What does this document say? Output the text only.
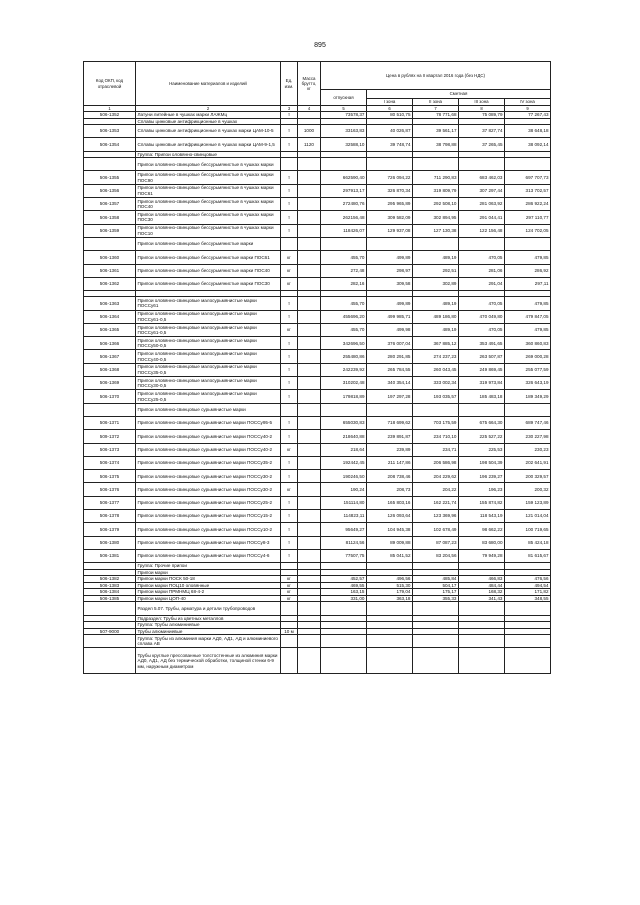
895
Код ОКП, код отраслевой	Наименование материалов и изделий	Ед. изм.	Масса брутто, кг	Цена в рублях на II квартал 2016 года (без НДС)				
				отпускная	Сметная			
					I зона	II зона	III зона	IV зона
1	2	3	4	5	6	7	8	9
506-1352	Латуни литейные в чушках марки ЛАЖМц	т		73578,37	80 510,75	78 771,68	75 089,79	77 267,43
	Сплавы цинковые антифрикционные в чушках							
506-1353	Сплавы цинковые антифрикционные в чушках марки ЦАМ-10-5	т	1000	33163,83	40 026,87	39 561,17	37 827,74	38 648,18
506-1354	Сплавы цинковые антифрикционные в чушках марки ЦАМ-9-1,5	т	1120	32588,10	39 748,74	38 798,88	37 265,45	38 092,14
	Группа: Припои оловянно-свинцовые							
	Припои оловянно-свинцовые бессурьмянистые в чушках марки							
506-1355	Припои оловянно-свинцовые бессурьмянистые в чушках марки ПОС90	т		662590,40	726 094,22	711 290,83	683 462,03	697 707,73
506-1356	Припои оловянно-свинцовые бессурьмянистые в чушках марки ПОС61	т		297913,17	326 870,34	319 809,79	307 297,44	313 702,57
506-1357	Припои оловянно-свинцовые бессурьмянистые в чушках марки ПОС40	т		272480,76	295 965,89	292 508,10	281 063,92	286 922,24
506-1358	Припои оловянно-свинцовые бессурьмянистые в чушках марки ПОС30	т		262156,48	309 582,09	302 894,95	291 044,41	297 110,77
506-1359	Припои оловянно-свинцовые бессурьмянистые в чушках марки ПОС10	т		118426,07	129 937,08	127 130,38	122 156,48	124 702,05
	Припои оловянно-свинцовые бессурьмянистые марки							
506-1360	Припои оловянно-свинцовые бессурьмянистые марки ПОС61	кг		455,70	499,89	489,19	470,05	479,85
506-1361	Припои оловянно-свинцовые бессурьмянистые марки ПОС40	кг		272,48	298,97	292,51	281,06	286,92
506-1362	Припои оловянно-свинцовые бессурьмянистые марки ПОС30	кг		282,16	309,58	302,89	291,04	297,11

506-1363	Припои оловянно-свинцовые малосурьмянистые марки ПОССу61	т		455,70	499,89	489,19	470,05	479,85
506-1364	Припои оловянно-свинцовые малосурьмянистые марки ПОССу61-0,5	т		455696,20	499 985,71	489 186,80	470 049,80	479 847,05
506-1365	Припои оловянно-свинцовые малосурьмянистые марки ПОССу61-0,5	кг		455,70	499,98	489,19	470,05	479,85
506-1366	Припои оловянно-свинцовые малосурьмянистые марки ПОССу50-0,5	т		342696,50	376 007,04	367 885,12	353 491,65	360 860,83
506-1367	Припои оловянно-свинцовые малосурьмянистые марки ПОССу40-0,5	т		255480,86	280 291,85	274 237,23	263 507,87	269 000,28
506-1368	Припои оловянно-свинцовые малосурьмянистые марки ПОССу35-0,5	т		242239,92	265 784,55	260 043,45	249 869,45	255 077,59
506-1369	Припои оловянно-свинцовые малосурьмянистые марки ПОССу30-0,5	т		310202,48	340 354,14	333 002,34	319 973,84	326 643,19
506-1370	Припои оловянно-свинцовые малосурьмянистые марки ПОССу25-0,5	т		179818,89	197 297,28	193 035,57	185 483,18	189 349,29
	Припои оловянно-свинцовые сурьмянистые марки							
506-1371	Припои оловянно-свинцовые сурьмянистые марки ПОССу95-5	т		655030,83	718 699,62	703 175,59	675 664,30	689 747,46
509-1372	Припои оловянно-свинцовые сурьмянистые марки ПОССу40-2	т		218640,88	239 891,87	234 710,10	225 527,22	230 227,98
506-1373	Припои оловянно-свинцовые сурьмянистые марки ПОССу40-2	кг		218,64	239,89	234,71	225,53	230,23
506-1374	Припои оловянно-свинцовые сурьмянистые марки ПОССу35-2	т		192442,45	211 147,86	206 586,98	198 504,39	202 641,91
506-1375	Припои оловянно-свинцовые сурьмянистые марки ПОССу30-2	т		190246,50	208 738,46	204 229,62	196 239,27	200 329,57
506-1376	Припои оловянно-свинцовые сурьмянистые марки ПОССу30-2	кг		190,24	208,73	204,22	196,23	200,32
506-1377	Припои оловянно-свинцовые сурьмянистые марки ПОССу25-2	т		151114,80	165 803,16	162 221,74	155 874,82	159 123,89
506-1378	Припои оловянно-свинцовые сурьмянистые марки ПОССу15-2	т		114823,11	126 093,64	123 369,96	118 543,19	121 014,04
506-1379	Припои оловянно-свинцовые сурьмянистые марки ПОССу10-2	т		95649,27	104 945,38	102 678,49	98 662,22	100 719,65
506-1380	Припои оловянно-свинцовые сурьмянистые марки ПОССу8-3	т		81124,56	89 009,88	87 087,23	83 680,00	85 424,18
506-1381	Припои оловянно-свинцовые сурьмянистые марки ПОССу4-6	т		77507,75	85 041,52	83 204,56	79 949,28	81 615,67
	Группа: Прочие припои							
	Припои марки							
506-1382	Припои марки ПОСК 50-18	кг		452,57	496,56	485,84	466,83	476,56
506-1383	Припои марки ПОЦ10 оловянные	кг		469,55	515,30	504,17	484,44	494,54
506-1384	Припои марки ПРМНМЦ 68-4-2	кг		163,15	179,04	175,17	168,32	171,82
506-1385	Припои марки ЦОП-40	кг		331,00	363,18	355,33	341,43	348,55
	Раздел 5.07. Трубы, арматура и детали трубопроводов							
	Подраздел: Трубы из цветных металлов							
	Группа: Трубы алюминиевые							
507-9000	Трубы алюминиевые	10 м						
	Группа: Трубы из алюминия марки АД0, АД1, АД и алюминиевого сплава АВ							
	Трубы круглые прессованные толстостенные из алюминия марки АД0, АД1, АД без термической обработки, толщиной стенки 6-9 мм, наружным диаметром							
